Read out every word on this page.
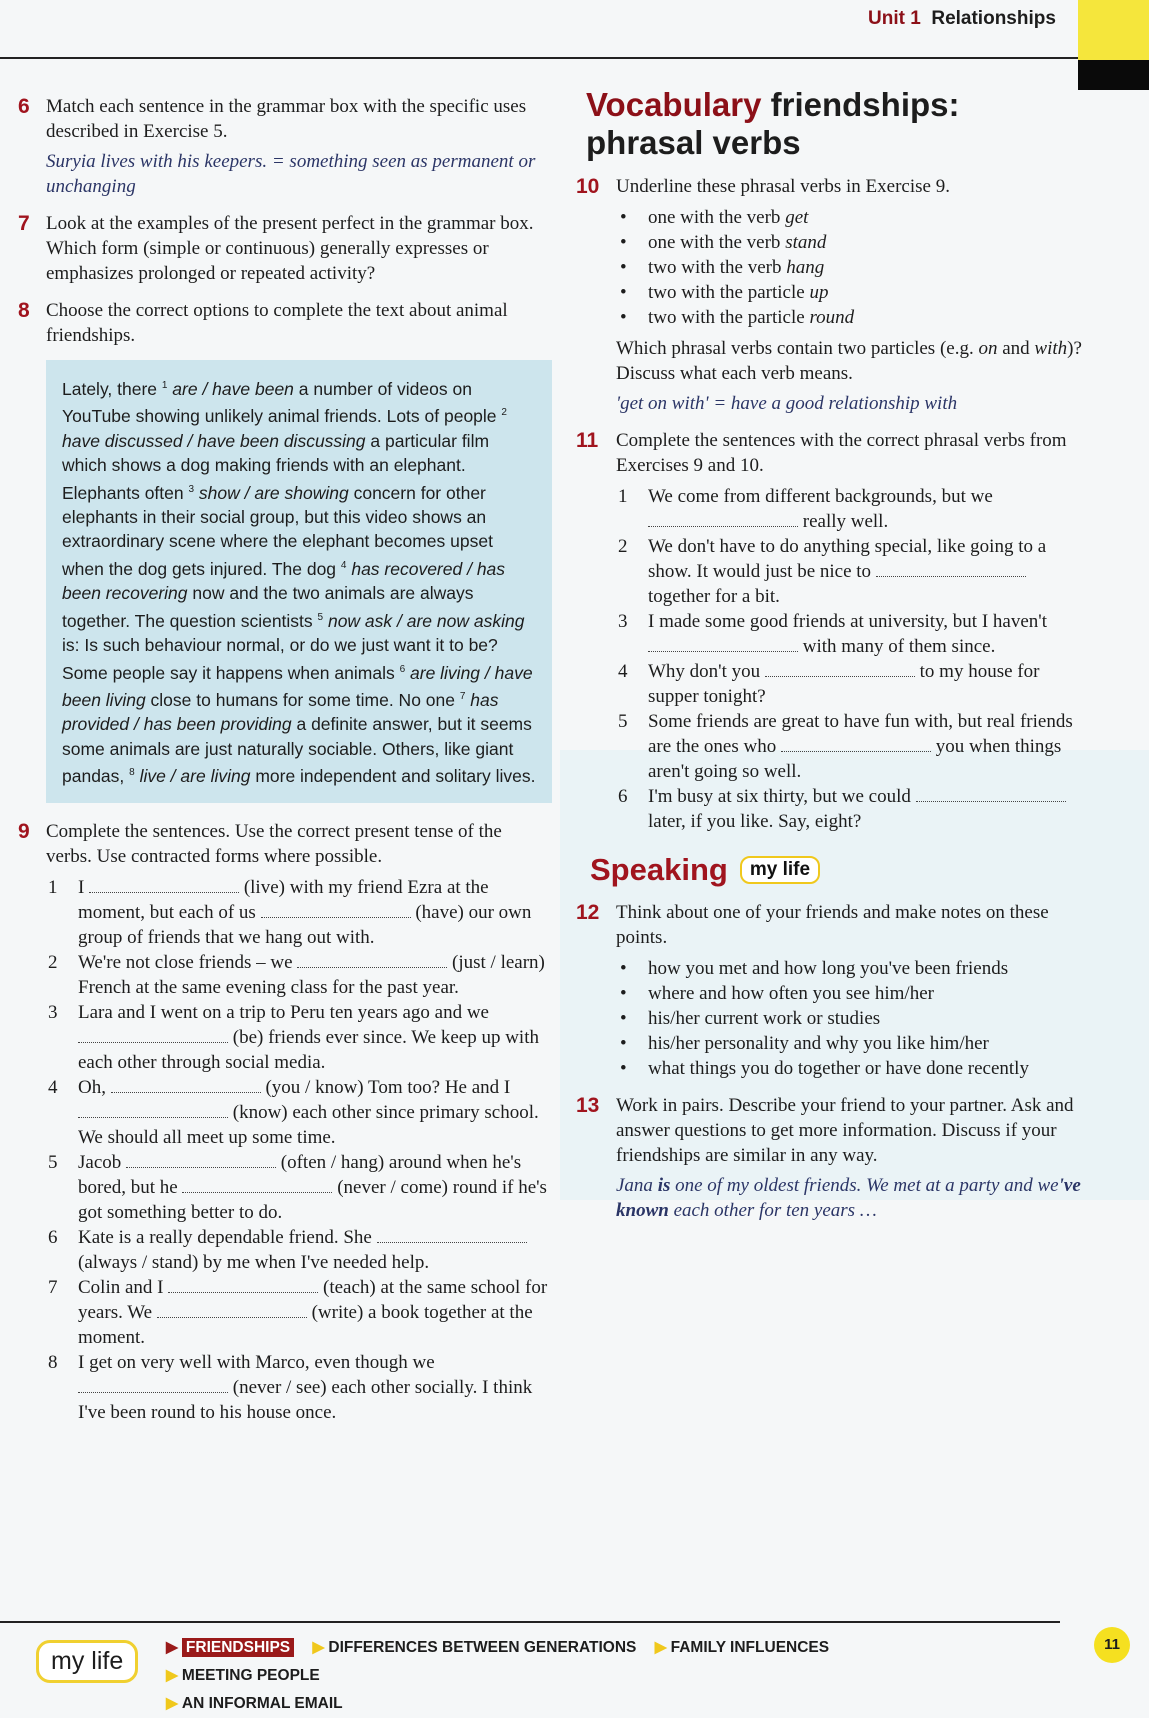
Unit 1 Relationships
6 Match each sentence in the grammar box with the specific uses described in Exercise 5.
Suryia lives with his keepers. = something seen as permanent or unchanging
7 Look at the examples of the present perfect in the grammar box. Which form (simple or continuous) generally expresses or emphasizes prolonged or repeated activity?
8 Choose the correct options to complete the text about animal friendships.
Lately, there $^1$ are / have been a number of videos on YouTube showing unlikely animal friends. Lots of people $^2$ have discussed / have been discussing a particular film which shows a dog making friends with an elephant. Elephants often $^3$ show / are showing concern for other elephants in their social group, but this video shows an extraordinary scene where the elephant becomes upset when the dog gets injured. The dog $^4$ has recovered / has been recovering now and the two animals are always together. The question scientists $^5$ now ask / are now asking is: Is such behaviour normal, or do we just want it to be? Some people say it happens when animals $^6$ are living / have been living close to humans for some time. No one $^7$ has provided / has been providing a definite answer, but it seems some animals are just naturally sociable. Others, like giant pandas, $^8$ live / are living more independent and solitary lives.
9 Complete the sentences. Use the correct present tense of the verbs. Use contracted forms where possible.
1 I	(live) with my friend Ezra at the moment, but each of us	(have) our own group of friends that we hang out with.
2 We're not close friends – we	(just / learn) French at the same evening class for the past year.
3 Lara and I went on a trip to Peru ten years ago and we  (be) friends ever since. We keep up with each other through social media.
4 Oh,	(you / know) Tom too? He and I  (know) each other since primary school. We should all meet up some time.
5 Jacob	(often / hang) around when he's bored, but he	(never / come) round if he's got something better to do.
6 Kate is a really dependable friend. She  (always / stand) by me when I've needed help.
7 Colin and I	(teach) at the same school for years. We	(write) a book together at the moment.
8 I get on very well with Marco, even though we  (never / see) each other socially. I think I've been round to his house once.
Vocabulary friendships: phrasal verbs
10 Underline these phrasal verbs in Exercise 9.
• one with the verb get
• one with the verb stand
• two with the verb hang
• two with the particle up
• two with the particle round
Which phrasal verbs contain two particles (e.g. on and with)? Discuss what each verb means.
'get on with' = have a good relationship with
11 Complete the sentences with the correct phrasal verbs from Exercises 9 and 10.
1 We come from different backgrounds, but we  really well.
2 We don't have to do anything special, like going to a show. It would just be nice to  together for a bit.
3 I made some good friends at university, but I haven't  with many of them since.
4 Why don't you	to my house for supper tonight?
5 Some friends are great to have fun with, but real friends are the ones who	you when things aren't going so well.
6 I'm busy at six thirty, but we could  later, if you like. Say, eight?
Speaking	my life
12 Think about one of your friends and make notes on these points.
• how you met and how long you've been friends
• where and how often you see him/her
• his/her current work or studies
• his/her personality and why you like him/her
• what things you do together or have done recently
13 Work in pairs. Describe your friend to your partner. Ask and answer questions to get more information. Discuss if your friendships are similar in any way.
Jana is one of my oldest friends. We met at a party and we've known each other for ten years …
my life	▶ FRIENDSHIPS ▶ DIFFERENCES BETWEEN GENERATIONS ▶ FAMILY INFLUENCES ▶ MEETING PEOPLE
▶ AN INFORMAL EMAIL
11
